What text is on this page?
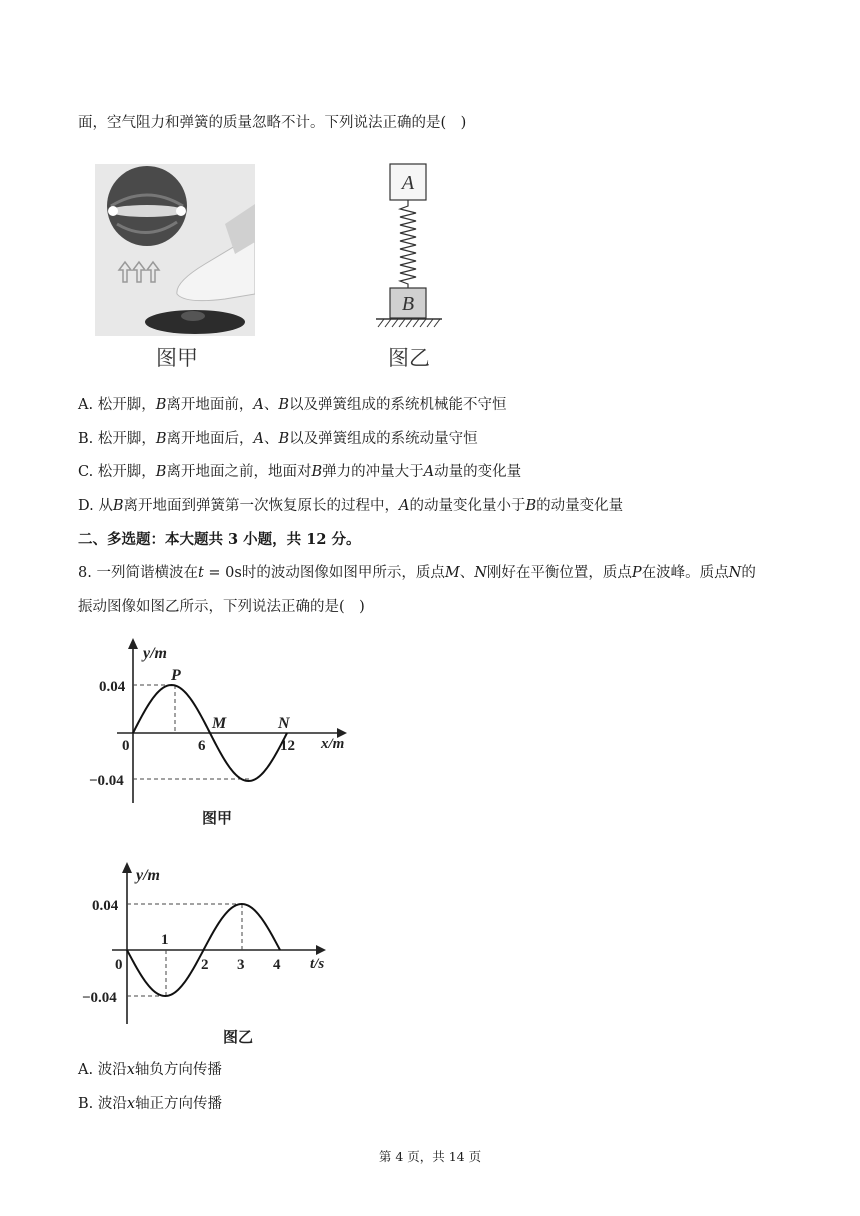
面，空气阻力和弹簧的质量忽略不计。下列说法正确的是(　)
图甲
A
B
图乙
A. 松开脚，B离开地面前，A、B以及弹簧组成的系统机械能不守恒
B. 松开脚，B离开地面后，A、B以及弹簧组成的系统动量守恒
C. 松开脚，B离开地面之前，地面对B弹力的冲量大于A动量的变化量
D. 从B离开地面到弹簧第一次恢复原长的过程中，A的动量变化量小于B的动量变化量
二、多选题：本大题共 3 小题，共 12 分。
8. 一列简谐横波在t = 0s时的波动图像如图甲所示，质点M、N刚好在平衡位置，质点P在波峰。质点N的
振动图像如图乙所示，下列说法正确的是(　)
y/m
x/m
0.04
−0.04
0	6	12
P
M	N
图甲
y/m
t/s
0.04
−0.04
0
1
2 3 4
图乙
A. 波沿x轴负方向传播
B. 波沿x轴正方向传播
第 4 页，共 14 页
